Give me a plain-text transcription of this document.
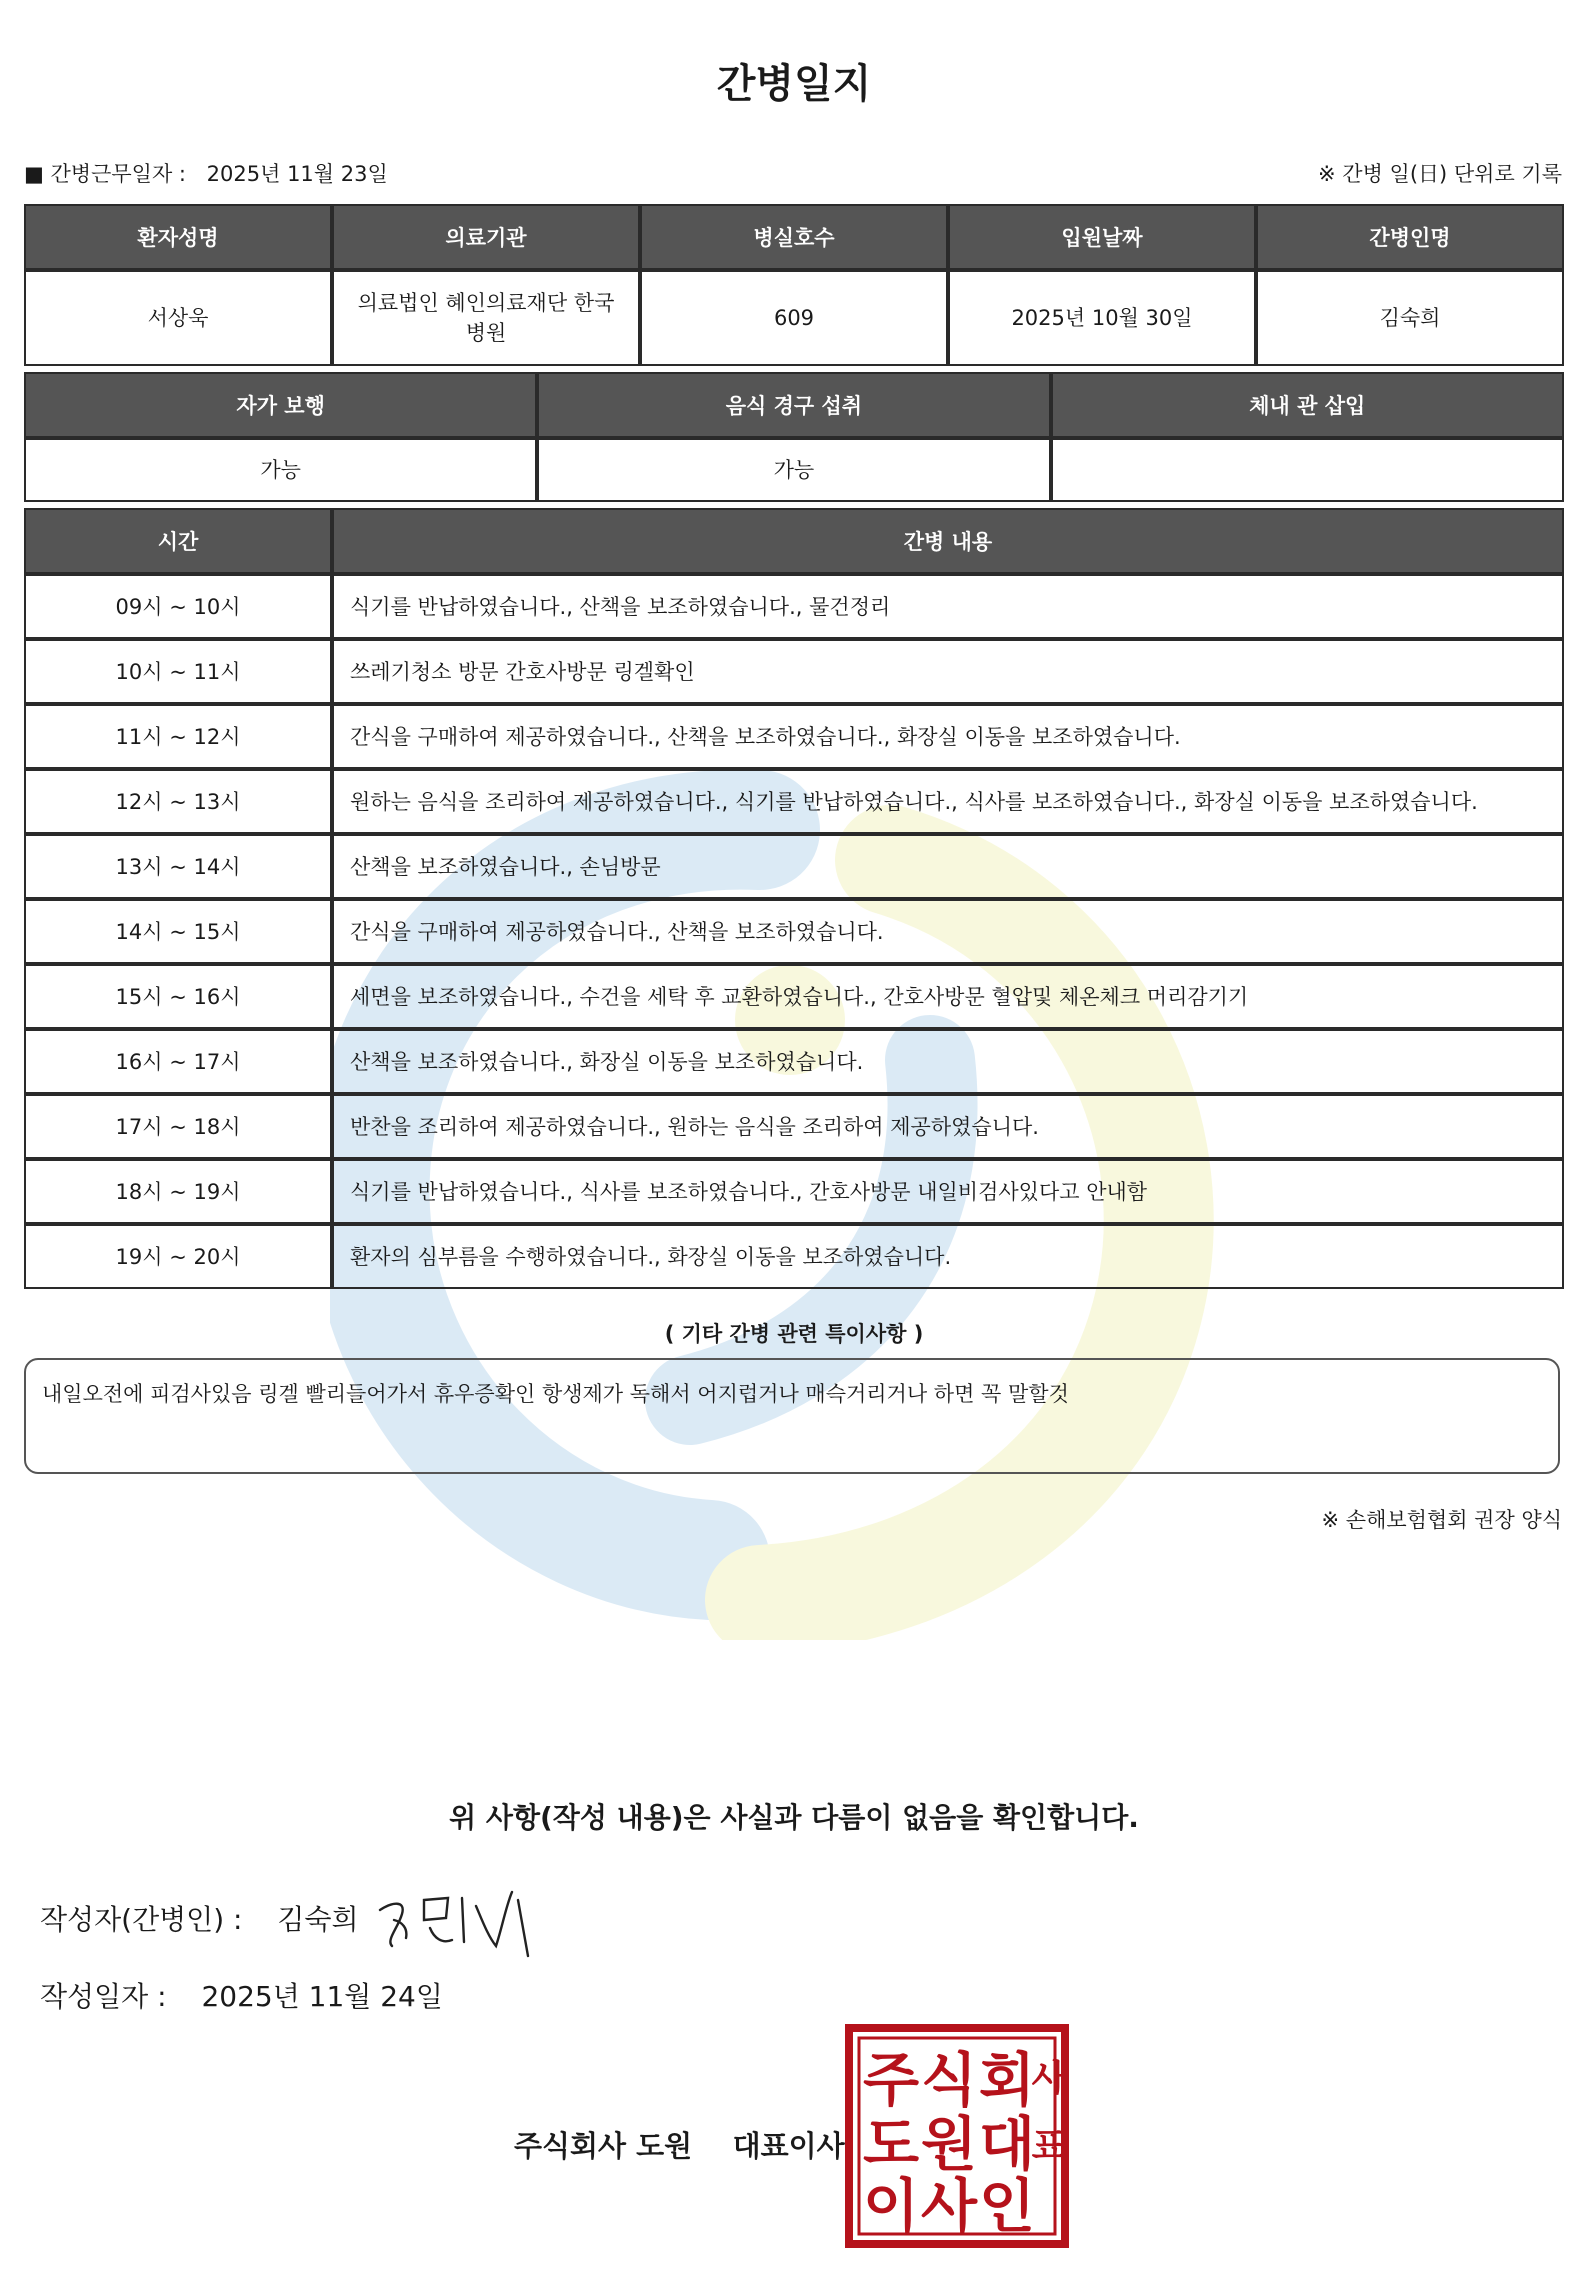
간병일지
■ 간병근무일자 : 2025년 11월 23일	※ 간병 일(日) 단위로 기록
환자성명	의료기관	병실호수	입원날짜	간병인명
서상욱	의료법인 혜인의료재단 한국병원	609	2025년 10월 30일	김숙희
자가 보행	음식 경구 섭취	체내 관 삽입
가능	가능	
시간	간병 내용
09시 ~ 10시	식기를 반납하였습니다., 산책을 보조하였습니다., 물건정리
10시 ~ 11시	쓰레기청소 방문 간호사방문 링겔확인
11시 ~ 12시	간식을 구매하여 제공하였습니다., 산책을 보조하였습니다., 화장실 이동을 보조하였습니다.
12시 ~ 13시	원하는 음식을 조리하여 제공하였습니다., 식기를 반납하였습니다., 식사를 보조하였습니다., 화장실 이동을 보조하였습니다.
13시 ~ 14시	산책을 보조하였습니다., 손님방문
14시 ~ 15시	간식을 구매하여 제공하였습니다., 산책을 보조하였습니다.
15시 ~ 16시	세면을 보조하였습니다., 수건을 세탁 후 교환하였습니다., 간호사방문 혈압및 체온체크 머리감기기
16시 ~ 17시	산책을 보조하였습니다., 화장실 이동을 보조하였습니다.
17시 ~ 18시	반찬을 조리하여 제공하였습니다., 원하는 음식을 조리하여 제공하였습니다.
18시 ~ 19시	식기를 반납하였습니다., 식사를 보조하였습니다., 간호사방문 내일비검사있다고 안내함
19시 ~ 20시	환자의 심부름을 수행하였습니다., 화장실 이동을 보조하였습니다.
( 기타 간병 관련 특이사항 )
내일오전에 피검사있음 링겔 빨리들어가서 휴우증확인 항생제가 독해서 어지럽거나 매슥거리거나 하면 꼭 말할것
※ 손해보험협회 권장 양식
위 사항(작성 내용)은 사실과 다름이 없음을 확인합니다.
작성자(간병인) : 김숙희
작성일자 : 2025년 11월 24일
주식회사 도원    대표이사
주 식 회
도 원 대
이 사 인
사
표
